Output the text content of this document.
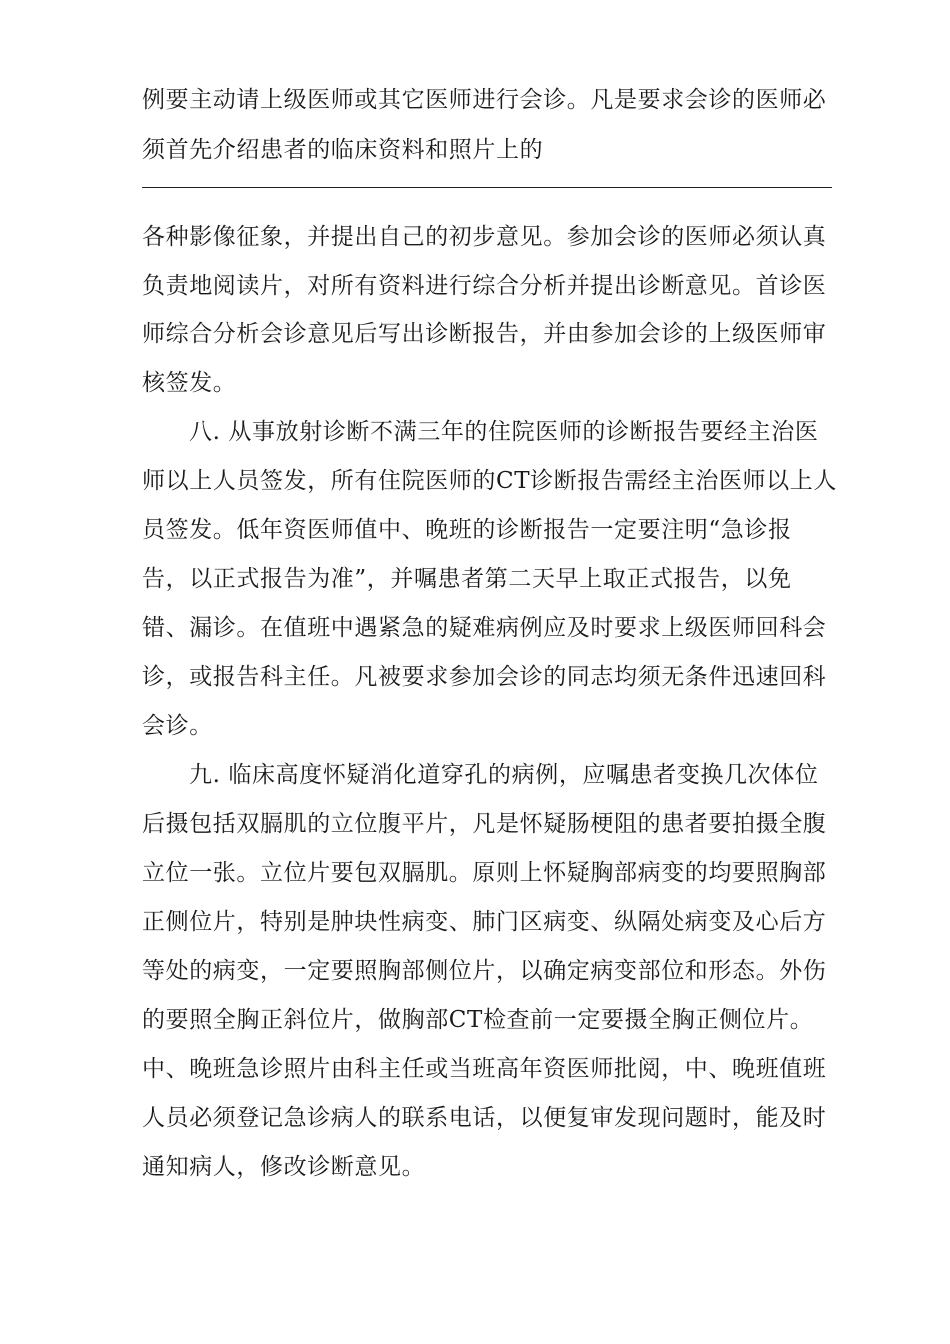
例要主动请上级医师或其它医师进行会诊。凡是要求会诊的医师必
须首先介绍患者的临床资料和照片上的
各种影像征象，并提出自己的初步意见。参加会诊的医师必须认真
负责地阅读片，对所有资料进行综合分析并提出诊断意见。首诊医
师综合分析会诊意见后写出诊断报告，并由参加会诊的上级医师审
核签发。
八. 从事放射诊断不满三年的住院医师的诊断报告要经主治医
师以上人员签发，所有住院医师的CT诊断报告需经主治医师以上人
员签发。低年资医师值中、晚班的诊断报告一定要注明“急诊报
告，以正式报告为准”，并嘱患者第二天早上取正式报告，以免
错、漏诊。在值班中遇紧急的疑难病例应及时要求上级医师回科会
诊，或报告科主任。凡被要求参加会诊的同志均须无条件迅速回科
会诊。
九. 临床高度怀疑消化道穿孔的病例，应嘱患者变换几次体位
后摄包括双膈肌的立位腹平片，凡是怀疑肠梗阻的患者要拍摄全腹
立位一张。立位片要包双膈肌。原则上怀疑胸部病变的均要照胸部
正侧位片，特别是肿块性病变、肺门区病变、纵隔处病变及心后方
等处的病变，一定要照胸部侧位片，以确定病变部位和形态。外伤
的要照全胸正斜位片，做胸部CT检查前一定要摄全胸正侧位片。
中、晚班急诊照片由科主任或当班高年资医师批阅，中、晚班值班
人员必须登记急诊病人的联系电话，以便复审发现问题时，能及时
通知病人，修改诊断意见。
